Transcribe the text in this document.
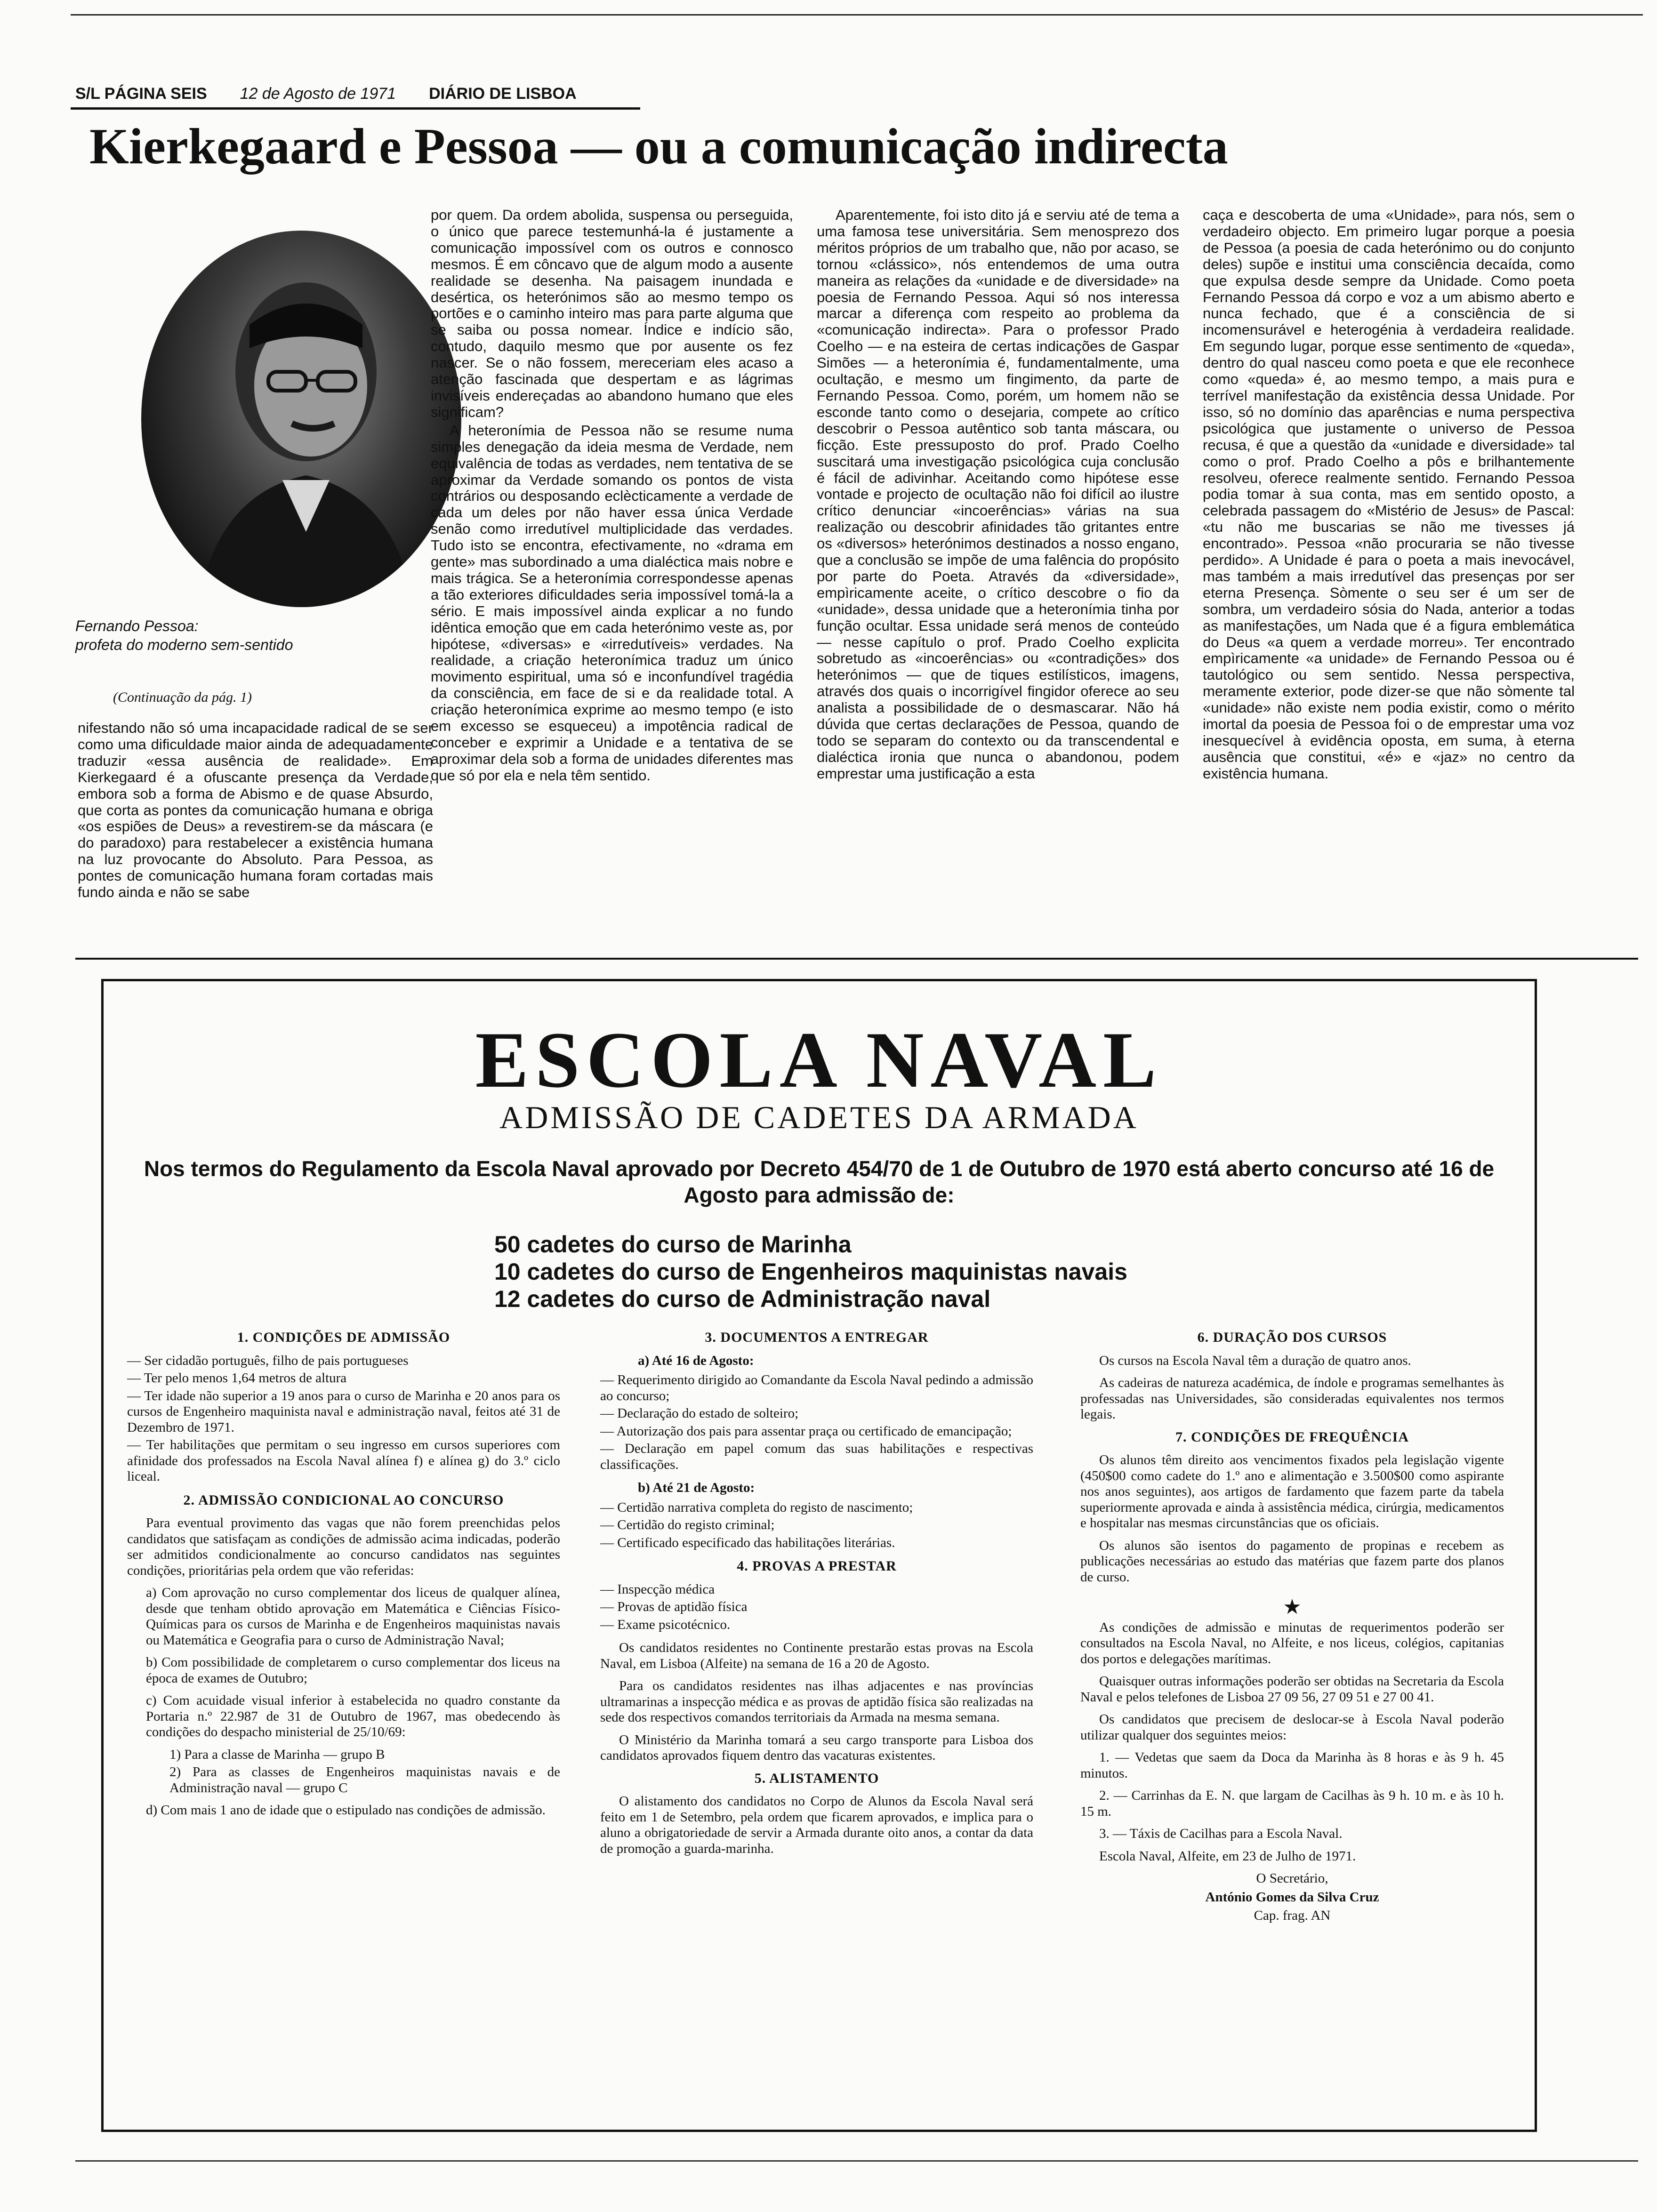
S/L PÁGINA SEIS 12 de Agosto de 1971 DIÁRIO DE LISBOA
Kierkegaard e Pessoa — ou a comunicação indirecta
Fernando Pessoa:
profeta do moderno sem-sentido
(Continuação da pág. 1)

nifestando não só uma incapacidade radical de se ser como uma dificuldade maior ainda de adequadamente traduzir «essa ausência de realidade». Em Kierkegaard é a ofuscante presença da Verdade, embora sob a forma de Abismo e de quase Absurdo, que corta as pontes da comunicação humana e obriga «os espiões de Deus» a revestirem-se da máscara (e do paradoxo) para restabelecer a existência humana na luz provocante do Absoluto. Para Pessoa, as pontes de comunicação humana foram cortadas mais fundo ainda e não se sabe

por quem. Da ordem abolida, suspensa ou perseguida, o único que parece testemunhá-la é justamente a comunicação impossível com os outros e connosco mesmos. É em côncavo que de algum modo a ausente realidade se desenha. Na paisagem inundada e desértica, os heterónimos são ao mesmo tempo os portões e o caminho inteiro mas para parte alguma que se saiba ou possa nomear. Índice e indício são, contudo, daquilo mesmo que por ausente os fez nascer. Se o não fossem, mereceriam eles acaso a atenção fascinada que despertam e as lágrimas invisíveis endereçadas ao abandono humano que eles significam?

A heteronímia de Pessoa não se resume numa simples denegação da ideia mesma de Verdade, nem equivalência de todas as verdades, nem tentativa de se aproximar da Verdade somando os pontos de vista contrários ou desposando eclècticamente a verdade de cada um deles por não haver essa única Verdade senão como irredutível multiplicidade das verdades. Tudo isto se encontra, efectivamente, no «drama em gente» mas subordinado a uma dialéctica mais nobre e mais trágica. Se a heteronímia correspondesse apenas a tão exteriores dificuldades seria impossível tomá-la a sério. E mais impossível ainda explicar a no fundo idêntica emoção que em cada heterónimo veste as, por hipótese, «diversas» e «irredutíveis» verdades. Na realidade, a criação heteronímica traduz um único movimento espiritual, uma só e inconfundível tragédia da consciência, em face de si e da realidade total. A criação heteronímica exprime ao mesmo tempo (e isto em excesso se esqueceu) a impotência radical de conceber e exprimir a Unidade e a tentativa de se aproximar dela sob a forma de unidades diferentes mas que só por ela e nela têm sentido.

Aparentemente, foi isto dito já e serviu até de tema a uma famosa tese universitária. Sem menosprezo dos méritos próprios de um trabalho que, não por acaso, se tornou «clássico», nós entendemos de uma outra maneira as relações da «unidade e de diversidade» na poesia de Fernando Pessoa. Aqui só nos interessa marcar a diferença com respeito ao problema da «comunicação indirecta». Para o professor Prado Coelho — e na esteira de certas indicações de Gaspar Simões — a heteronímia é, fundamentalmente, uma ocultação, e mesmo um fingimento, da parte de Fernando Pessoa. Como, porém, um homem não se esconde tanto como o desejaria, compete ao crítico descobrir o Pessoa autêntico sob tanta máscara, ou ficção. Este pressuposto do prof. Prado Coelho suscitará uma investigação psicológica cuja conclusão é fácil de adivinhar. Aceitando como hipótese esse vontade e projecto de ocultação não foi difícil ao ilustre crítico denunciar «incoerências» várias na sua realização ou descobrir afinidades tão gritantes entre os «diversos» heterónimos destinados a nosso engano, que a conclusão se impõe de uma falência do propósito por parte do Poeta. Através da «diversidade», empìricamente aceite, o crítico descobre o fio da «unidade», dessa unidade que a heteronímia tinha por função ocultar. Essa unidade será menos de conteúdo — nesse capítulo o prof. Prado Coelho explicita sobretudo as «incoerências» ou «contradições» dos heterónimos — que de tiques estilísticos, imagens, através dos quais o incorrigível fingidor oferece ao seu analista a possibilidade de o desmascarar. Não há dúvida que certas declarações de Pessoa, quando de todo se separam do contexto ou da transcendental e dialéctica ironia que nunca o abandonou, podem emprestar uma justificação a esta

caça e descoberta de uma «Unidade», para nós, sem o verdadeiro objecto. Em primeiro lugar porque a poesia de Pessoa (a poesia de cada heterónimo ou do conjunto deles) supõe e institui uma consciência decaída, como que expulsa desde sempre da Unidade. Como poeta Fernando Pessoa dá corpo e voz a um abismo aberto e nunca fechado, que é a consciência de si incomensurável e heterogénia à verdadeira realidade. Em segundo lugar, porque esse sentimento de «queda», dentro do qual nasceu como poeta e que ele reconhece como «queda» é, ao mesmo tempo, a mais pura e terrível manifestação da existência dessa Unidade. Por isso, só no domínio das aparências e numa perspectiva psicológica que justamente o universo de Pessoa recusa, é que a questão da «unidade e diversidade» tal como o prof. Prado Coelho a pôs e brilhantemente resolveu, oferece realmente sentido. Fernando Pessoa podia tomar à sua conta, mas em sentido oposto, a celebrada passagem do «Mistério de Jesus» de Pascal: «tu não me buscarias se não me tivesses já encontrado». Pessoa «não procuraria se não tivesse perdido». A Unidade é para o poeta a mais inevocável, mas também a mais irredutível das presenças por ser eterna Presença. Sòmente o seu ser é um ser de sombra, um verdadeiro sósia do Nada, anterior a todas as manifestações, um Nada que é a figura emblemática do Deus «a quem a verdade morreu». Ter encontrado empìricamente «a unidade» de Fernando Pessoa ou é tautológico ou sem sentido. Nessa perspectiva, meramente exterior, pode dizer-se que não sòmente tal «unidade» não existe nem podia existir, como o mérito imortal da poesia de Pessoa foi o de emprestar uma voz inesquecível à evidência oposta, em suma, à eterna ausência que constitui, «é» e «jaz» no centro da existência humana.

ESCOLA NAVAL
ADMISSÃO DE CADETES DA ARMADA
Nos termos do Regulamento da Escola Naval aprovado por Decreto 454/70 de 1 de Outubro de 1970 está aberto concurso até 16 de Agosto para admissão de:
50 cadetes do curso de Marinha
10 cadetes do curso de Engenheiros maquinistas navais
12 cadetes do curso de Administração naval
1. CONDIÇÕES DE ADMISSÃO
— Ser cidadão português, filho de pais portugueses
— Ter pelo menos 1,64 metros de altura
— Ter idade não superior a 19 anos para o curso de Marinha e 20 anos para os cursos de Engenheiro maquinista naval e administração naval, feitos até 31 de Dezembro de 1971.
— Ter habilitações que permitam o seu ingresso em cursos superiores com afinidade dos professados na Escola Naval alínea f) e alínea g) do 3.º ciclo liceal.
2. ADMISSÃO CONDICIONAL AO CONCURSO

Para eventual provimento das vagas que não forem preenchidas pelos candidatos que satisfaçam as condições de admissão acima indicadas, poderão ser admitidos condicionalmente ao concurso candidatos nas seguintes condições, prioritárias pela ordem que vão referidas:

a) Com aprovação no curso complementar dos liceus de qualquer alínea, desde que tenham obtido aprovação em Matemática e Ciências Físico-Químicas para os cursos de Marinha e de Engenheiros maquinistas navais ou Matemática e Geografia para o curso de Administração Naval;
b) Com possibilidade de completarem o curso complementar dos liceus na época de exames de Outubro;
c) Com acuidade visual inferior à estabelecida no quadro constante da Portaria n.º 22.987 de 31 de Outubro de 1967, mas obedecendo às condições do despacho ministerial de 25/10/69:
1) Para a classe de Marinha — grupo B
2) Para as classes de Engenheiros maquinistas navais e de Administração naval — grupo C
d) Com mais 1 ano de idade que o estipulado nas condições de admissão.
3. DOCUMENTOS A ENTREGAR
a) Até 16 de Agosto:
— Requerimento dirigido ao Comandante da Escola Naval pedindo a admissão ao concurso;
— Declaração do estado de solteiro;
— Autorização dos pais para assentar praça ou certificado de emancipação;
— Declaração em papel comum das suas habilitações e respectivas classificações.
b) Até 21 de Agosto:
— Certidão narrativa completa do registo de nascimento;
— Certidão do registo criminal;
— Certificado especificado das habilitações literárias.
4. PROVAS A PRESTAR
— Inspecção médica
— Provas de aptidão física
— Exame psicotécnico.

Os candidatos residentes no Continente prestarão estas provas na Escola Naval, em Lisboa (Alfeite) na semana de 16 a 20 de Agosto.

Para os candidatos residentes nas ilhas adjacentes e nas províncias ultramarinas a inspecção médica e as provas de aptidão física são realizadas na sede dos respectivos comandos territoriais da Armada na mesma semana.

O Ministério da Marinha tomará a seu cargo transporte para Lisboa dos candidatos aprovados fiquem dentro das vacaturas existentes.

5. ALISTAMENTO

O alistamento dos candidatos no Corpo de Alunos da Escola Naval será feito em 1 de Setembro, pela ordem que ficarem aprovados, e implica para o aluno a obrigatoriedade de servir a Armada durante oito anos, a contar da data de promoção a guarda-marinha.

6. DURAÇÃO DOS CURSOS

Os cursos na Escola Naval têm a duração de quatro anos.

As cadeiras de natureza académica, de índole e programas semelhantes às professadas nas Universidades, são consideradas equivalentes nos termos legais.

7. CONDIÇÕES DE FREQUÊNCIA

Os alunos têm direito aos vencimentos fixados pela legislação vigente (450$00 como cadete do 1.º ano e alimentação e 3.500$00 como aspirante nos anos seguintes), aos artigos de fardamento que fazem parte da tabela superiormente aprovada e ainda à assistência médica, cirúrgia, medicamentos e hospitalar nas mesmas circunstâncias que os oficiais.

Os alunos são isentos do pagamento de propinas e recebem as publicações necessárias ao estudo das matérias que fazem parte dos planos de curso.

★

As condições de admissão e minutas de requerimentos poderão ser consultados na Escola Naval, no Alfeite, e nos liceus, colégios, capitanias dos portos e delegações marítimas.

Quaisquer outras informações poderão ser obtidas na Secretaria da Escola Naval e pelos telefones de Lisboa 27 09 56, 27 09 51 e 27 00 41.

Os candidatos que precisem de deslocar-se à Escola Naval poderão utilizar qualquer dos seguintes meios:

1. — Vedetas que saem da Doca da Marinha às 8 horas e às 9 h. 45 minutos.

2. — Carrinhas da E. N. que largam de Cacilhas às 9 h. 10 m. e às 10 h. 15 m.

3. — Táxis de Cacilhas para a Escola Naval.

Escola Naval, Alfeite, em 23 de Julho de 1971.

O Secretário,

António Gomes da Silva Cruz

Cap. frag. AN
